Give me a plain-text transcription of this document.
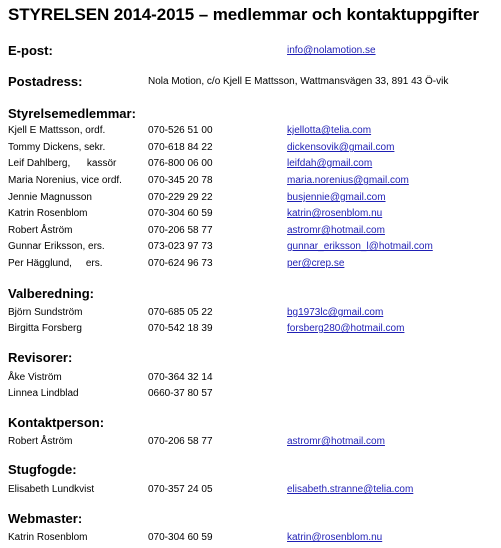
STYRELSEN 2014-2015 – medlemmar och kontaktuppgifter
E-post:	info@nolamotion.se
Postadress:	Nola Motion, c/o Kjell E Mattsson, Wattmansvägen 33, 891 43 Ö-vik
Styrelsemedlemmar:
Kjell E Mattsson, ordf.	070-526 51 00	kjellotta@telia.com
Tommy Dickens, sekr.	070-618 84 22	dickensovik@gmail.com
Leif Dahlberg,      kassör	076-800 06 00	leifdah@gmail.com
Maria Norenius, vice ordf.	070-345 20 78	maria.norenius@gmail.com
Jennie Magnusson	070-229 29 22	busjennie@gmail.com
Katrin Rosenblom	070-304 60 59	katrin@rosenblom.nu
Robert Åström	070-206 58 77	astromr@hotmail.com
Gunnar Eriksson, ers.	073-023 97 73	gunnar_eriksson_l@hotmail.com
Per Hägglund,     ers.	070-624 96 73	per@crep.se
Valberedning:
Björn Sundström	070-685 05 22	bg1973lc@gmail.com
Birgitta Forsberg	070-542 18 39	forsberg280@hotmail.com
Revisorer:
Åke Viström	070-364 32 14
Linnea Lindblad	0660-37 80 57
Kontaktperson:
Robert Åström	070-206 58 77	astromr@hotmail.com
Stugfogde:
Elisabeth Lundkvist	070-357 24 05	elisabeth.stranne@telia.com
Webmaster:
Katrin Rosenblom	070-304 60 59	katrin@rosenblom.nu
